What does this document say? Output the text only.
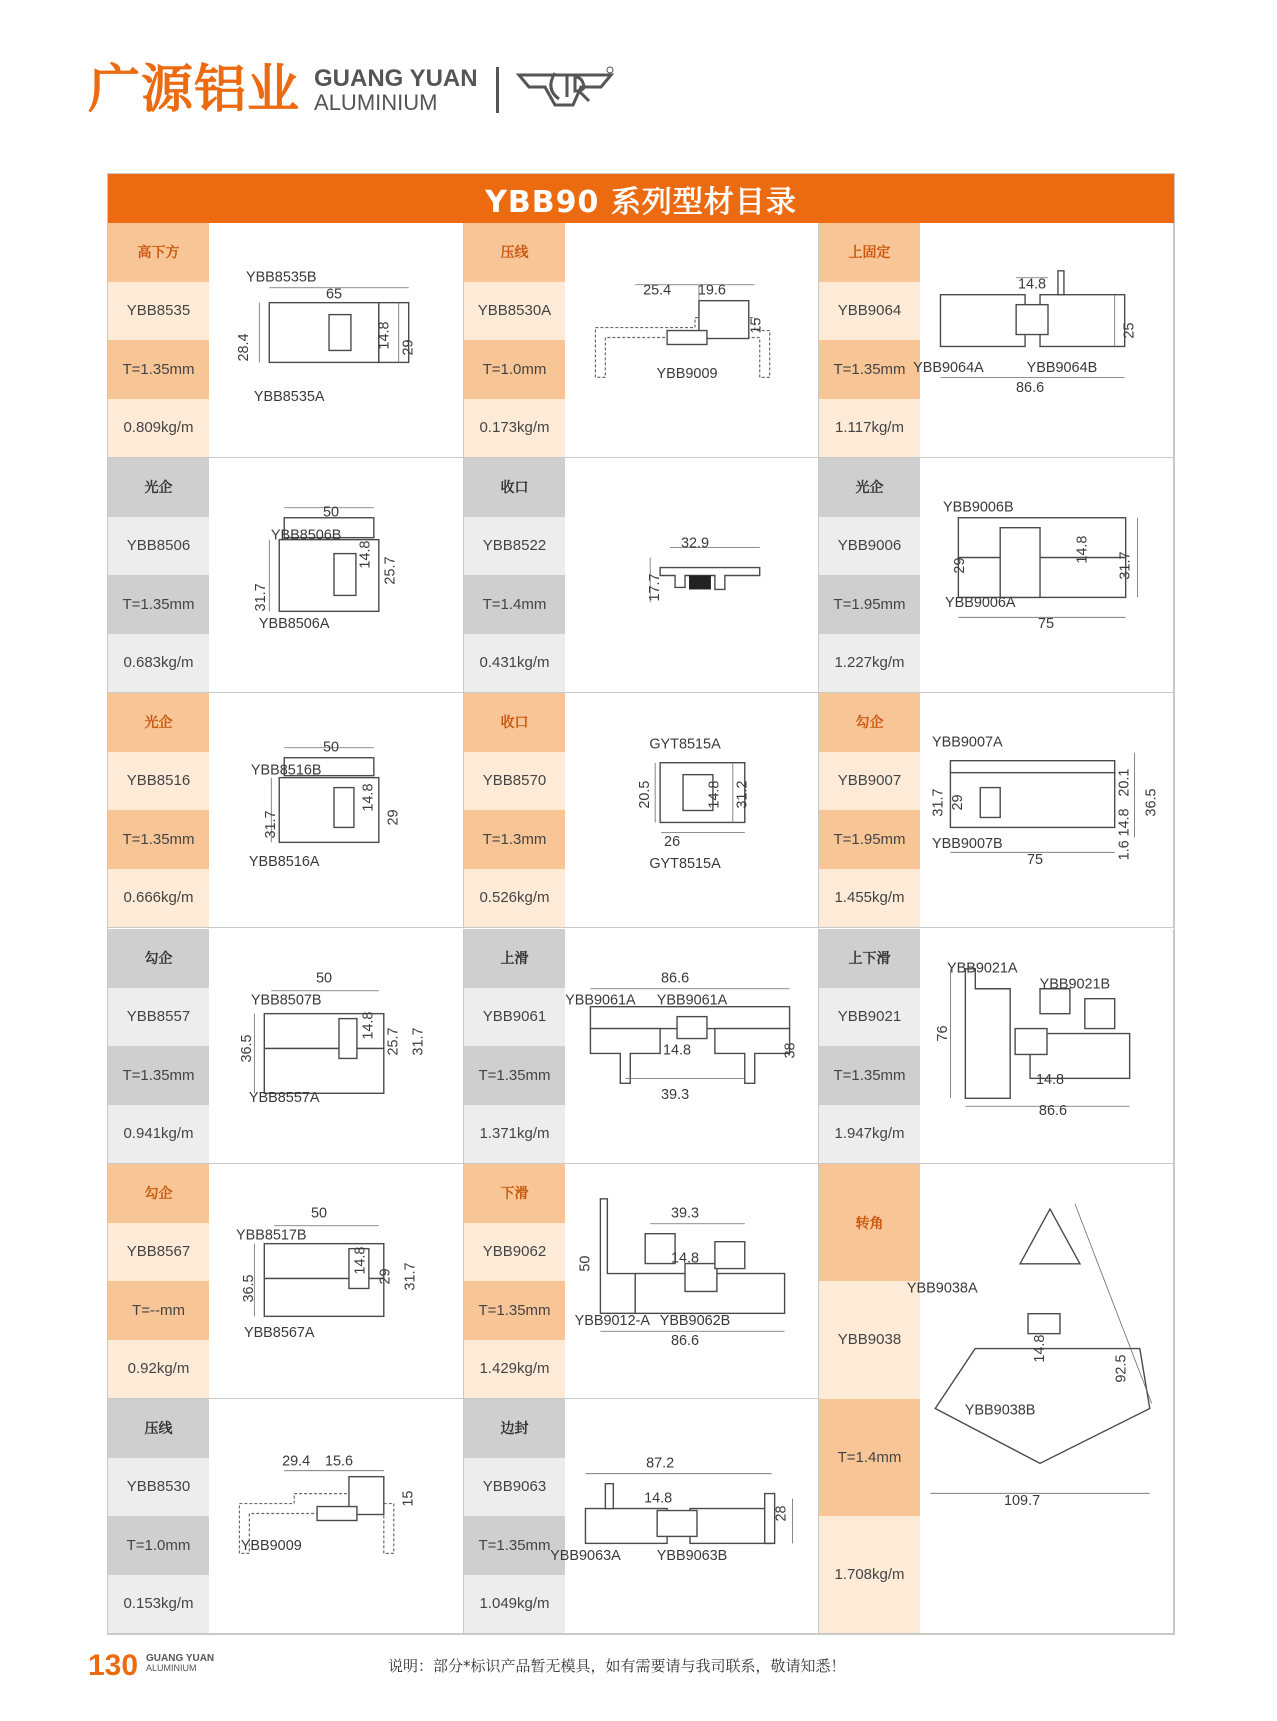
广源铝业 GUANG YUAN
ALUMINIUM
YBB90 系列型材目录
高下方
YBB8535
T=1.35mm
0.809kg/m
YBB8535B
65
28.4	14.8 29
YBB8535A
压线
YBB8530A
T=1.0mm
0.173kg/m
25.4 19.6
15
YBB9009
上固定
YBB9064
T=1.35mm
1.117kg/m
14.8
25
YBB9064A	YBB9064B
86.6
光企
YBB8506
T=1.35mm
0.683kg/m
50
YBB8506B
31.7
14.8
25.7
YBB8506A
收口
YBB8522
T=1.4mm
0.431kg/m
32.9
17.7
光企
YBB9006
T=1.95mm
1.227kg/m
YBB9006B
29
14.8
31.7
YBB9006A
75
光企
YBB8516
T=1.35mm
0.666kg/m
50
YBB8516B
31.7
14.8
29
YBB8516A
收口
YBB8570
T=1.3mm
0.526kg/m
GYT8515A
20.5	14.8 31.2
26
GYT8515A
勾企
YBB9007
T=1.95mm
1.455kg/m
YBB9007A
31.7 29
20.1
14.8
36.5
1.6
YBB9007B
75
勾企
YBB8557
T=1.35mm
0.941kg/m
50
YBB8507B
36.5
14.8
25.7 31.7
YBB8557A
上滑
YBB9061
T=1.35mm
1.371kg/m
86.6
YBB9061A YBB9061A
14.8	38
39.3
上下滑
YBB9021
T=1.35mm
1.947kg/m
YBB9021A
YBB9021B
76
14.8
86.6
勾企
YBB8567
T=--mm
0.92kg/m
50
YBB8517B
36.5
14.8
29 31.7
YBB8567A
下滑
YBB9062
T=1.35mm
1.429kg/m
39.3
50	14.8
YBB9012-A YBB9062B
86.6
转角
YBB9038
T=1.4mm
1.708kg/m
YBB9038A
14.8
92.5
YBB9038B
109.7
压线
YBB8530
T=1.0mm
0.153kg/m
29.4 15.6
15
YBB9009
边封
YBB9063
T=1.35mm
1.049kg/m
87.2
14.8
28
YBB9063A YBB9063B
130 GUANG YUAN
ALUMINIUM	说明：部分*标识产品暂无模具，如有需要请与我司联系，敬请知悉！
